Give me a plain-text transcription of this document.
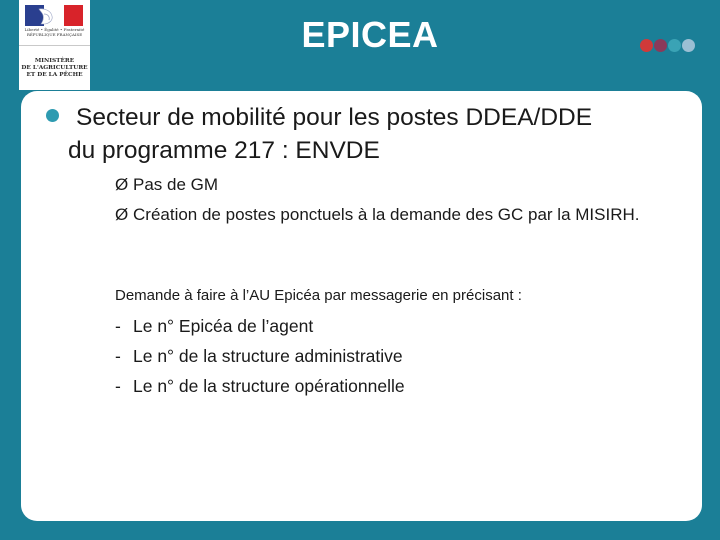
Liberté • Égalité • Fraternité
RÉPUBLIQUE FRANÇAISE
MINISTÈRE
DE L'AGRICULTURE
ET DE LA PÊCHE
EPICEA
Secteur de mobilité pour les postes DDEA/DDE
du programme 217 : ENVDE
Ø Pas de GM
Ø Création de postes ponctuels à la demande des GC par la MISIRH.
Demande à faire à l’AU Epicéa par messagerie en précisant :
- Le n° Epicéa de l’agent
- Le n° de la structure administrative
- Le n° de la structure opérationnelle
